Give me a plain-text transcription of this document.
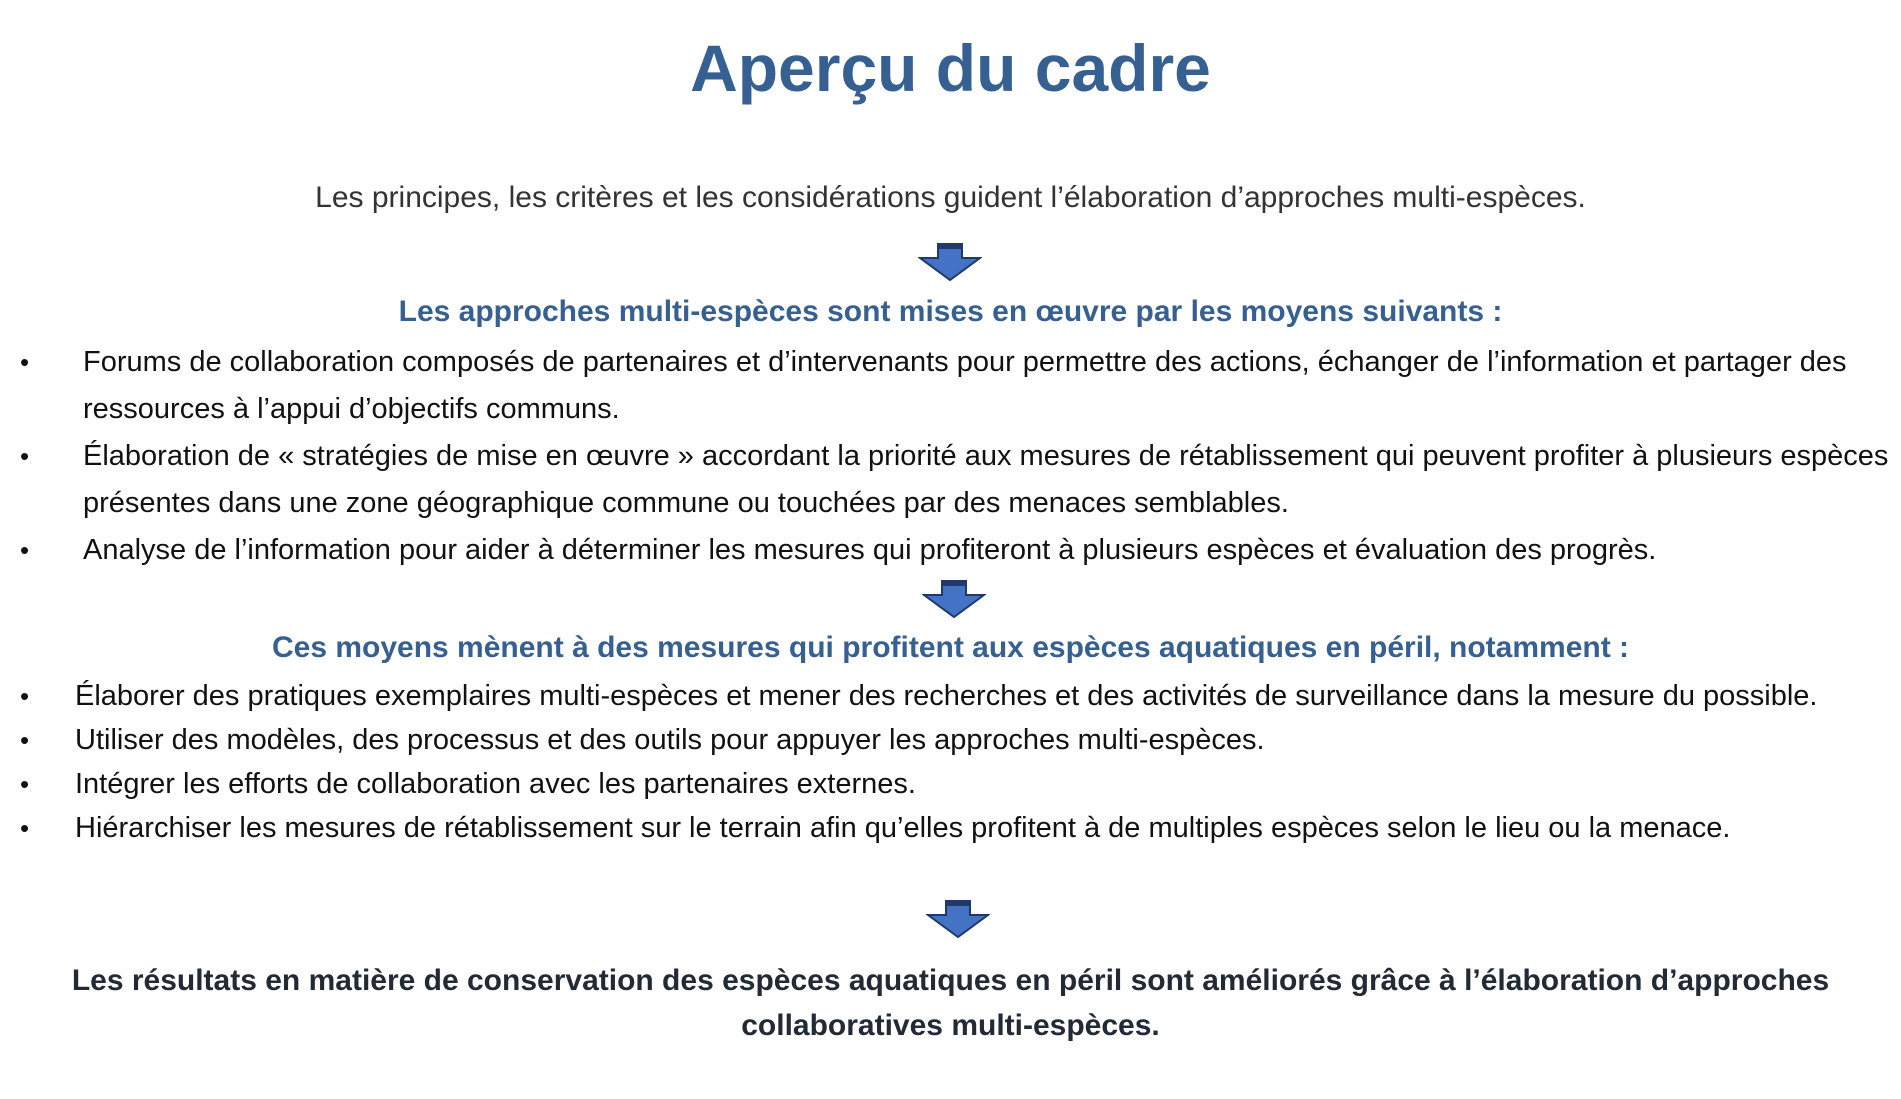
Aperçu du cadre
Les principes, les critères et les considérations guident l’élaboration d’approches multi-espèces.
Les approches multi-espèces sont mises en œuvre par les moyens suivants :
• Forums de collaboration composés de partenaires et d’intervenants pour permettre des actions, échanger de l’information et partager des ressources à l’appui d’objectifs communs.
• Élaboration de « stratégies de mise en œuvre » accordant la priorité aux mesures de rétablissement qui peuvent profiter à plusieurs espèces présentes dans une zone géographique commune ou touchées par des menaces semblables.
• Analyse de l’information pour aider à déterminer les mesures qui profiteront à plusieurs espèces et évaluation des progrès.
Ces moyens mènent à des mesures qui profitent aux espèces aquatiques en péril, notamment :
• Élaborer des pratiques exemplaires multi-espèces et mener des recherches et des activités de surveillance dans la mesure du possible.
• Utiliser des modèles, des processus et des outils pour appuyer les approches multi-espèces.
• Intégrer les efforts de collaboration avec les partenaires externes.
• Hiérarchiser les mesures de rétablissement sur le terrain afin qu’elles profitent à de multiples espèces selon le lieu ou la menace.
Les résultats en matière de conservation des espèces aquatiques en péril sont améliorés grâce à l’élaboration d’approches collaboratives multi-espèces.
